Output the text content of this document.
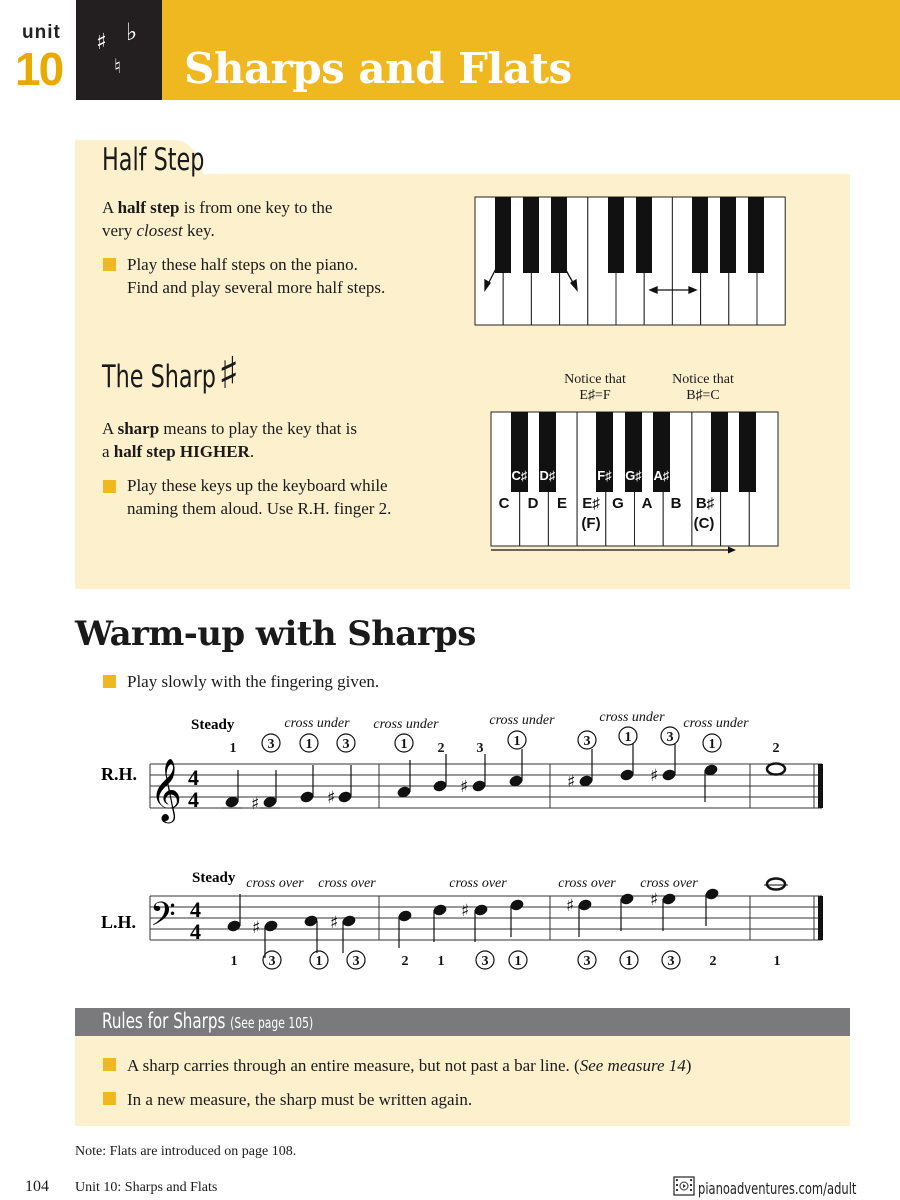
unit
10
♯ ♭
♮ Sharps and Flats
Half Step
A half step is from one key to the
very closest key.
Play these half steps on the piano.
Find and play several more half steps.
The Sharp ♯
A sharp means to play the key that is
a half step HIGHER.
Play these keys up the keyboard while
naming them aloud. Use R.H. finger 2.
Notice that
E♯=F
Notice that
B♯=C
C♯ D♯	F♯ G♯ A♯
C D E E♯ G A B B♯
(F)	(C)
Warm-up with Sharps
Play slowly with the fingering given.
R.H. 𝄞 4
4
Steady
♯	♯
♯	♯	♯
1 3 1 3	1 2 3 1	3 1	3	1	2
cross under cross under	cross under	cross under cross under
L.H. 𝄢 4
4
Steady
♯	♯
♯	♯	♯
1 3	1 3	2 1	3 1	3	1	3	2	1
cross over cross over	cross over	cross over cross over
Rules for Sharps (See page 105)
A sharp carries through an entire measure, but not past a bar line. (See measure 14)
In a new measure, the sharp must be written again.
Note: Flats are introduced on page 108.
104 Unit 10: Sharps and Flats	pianoadventures.com/adult
